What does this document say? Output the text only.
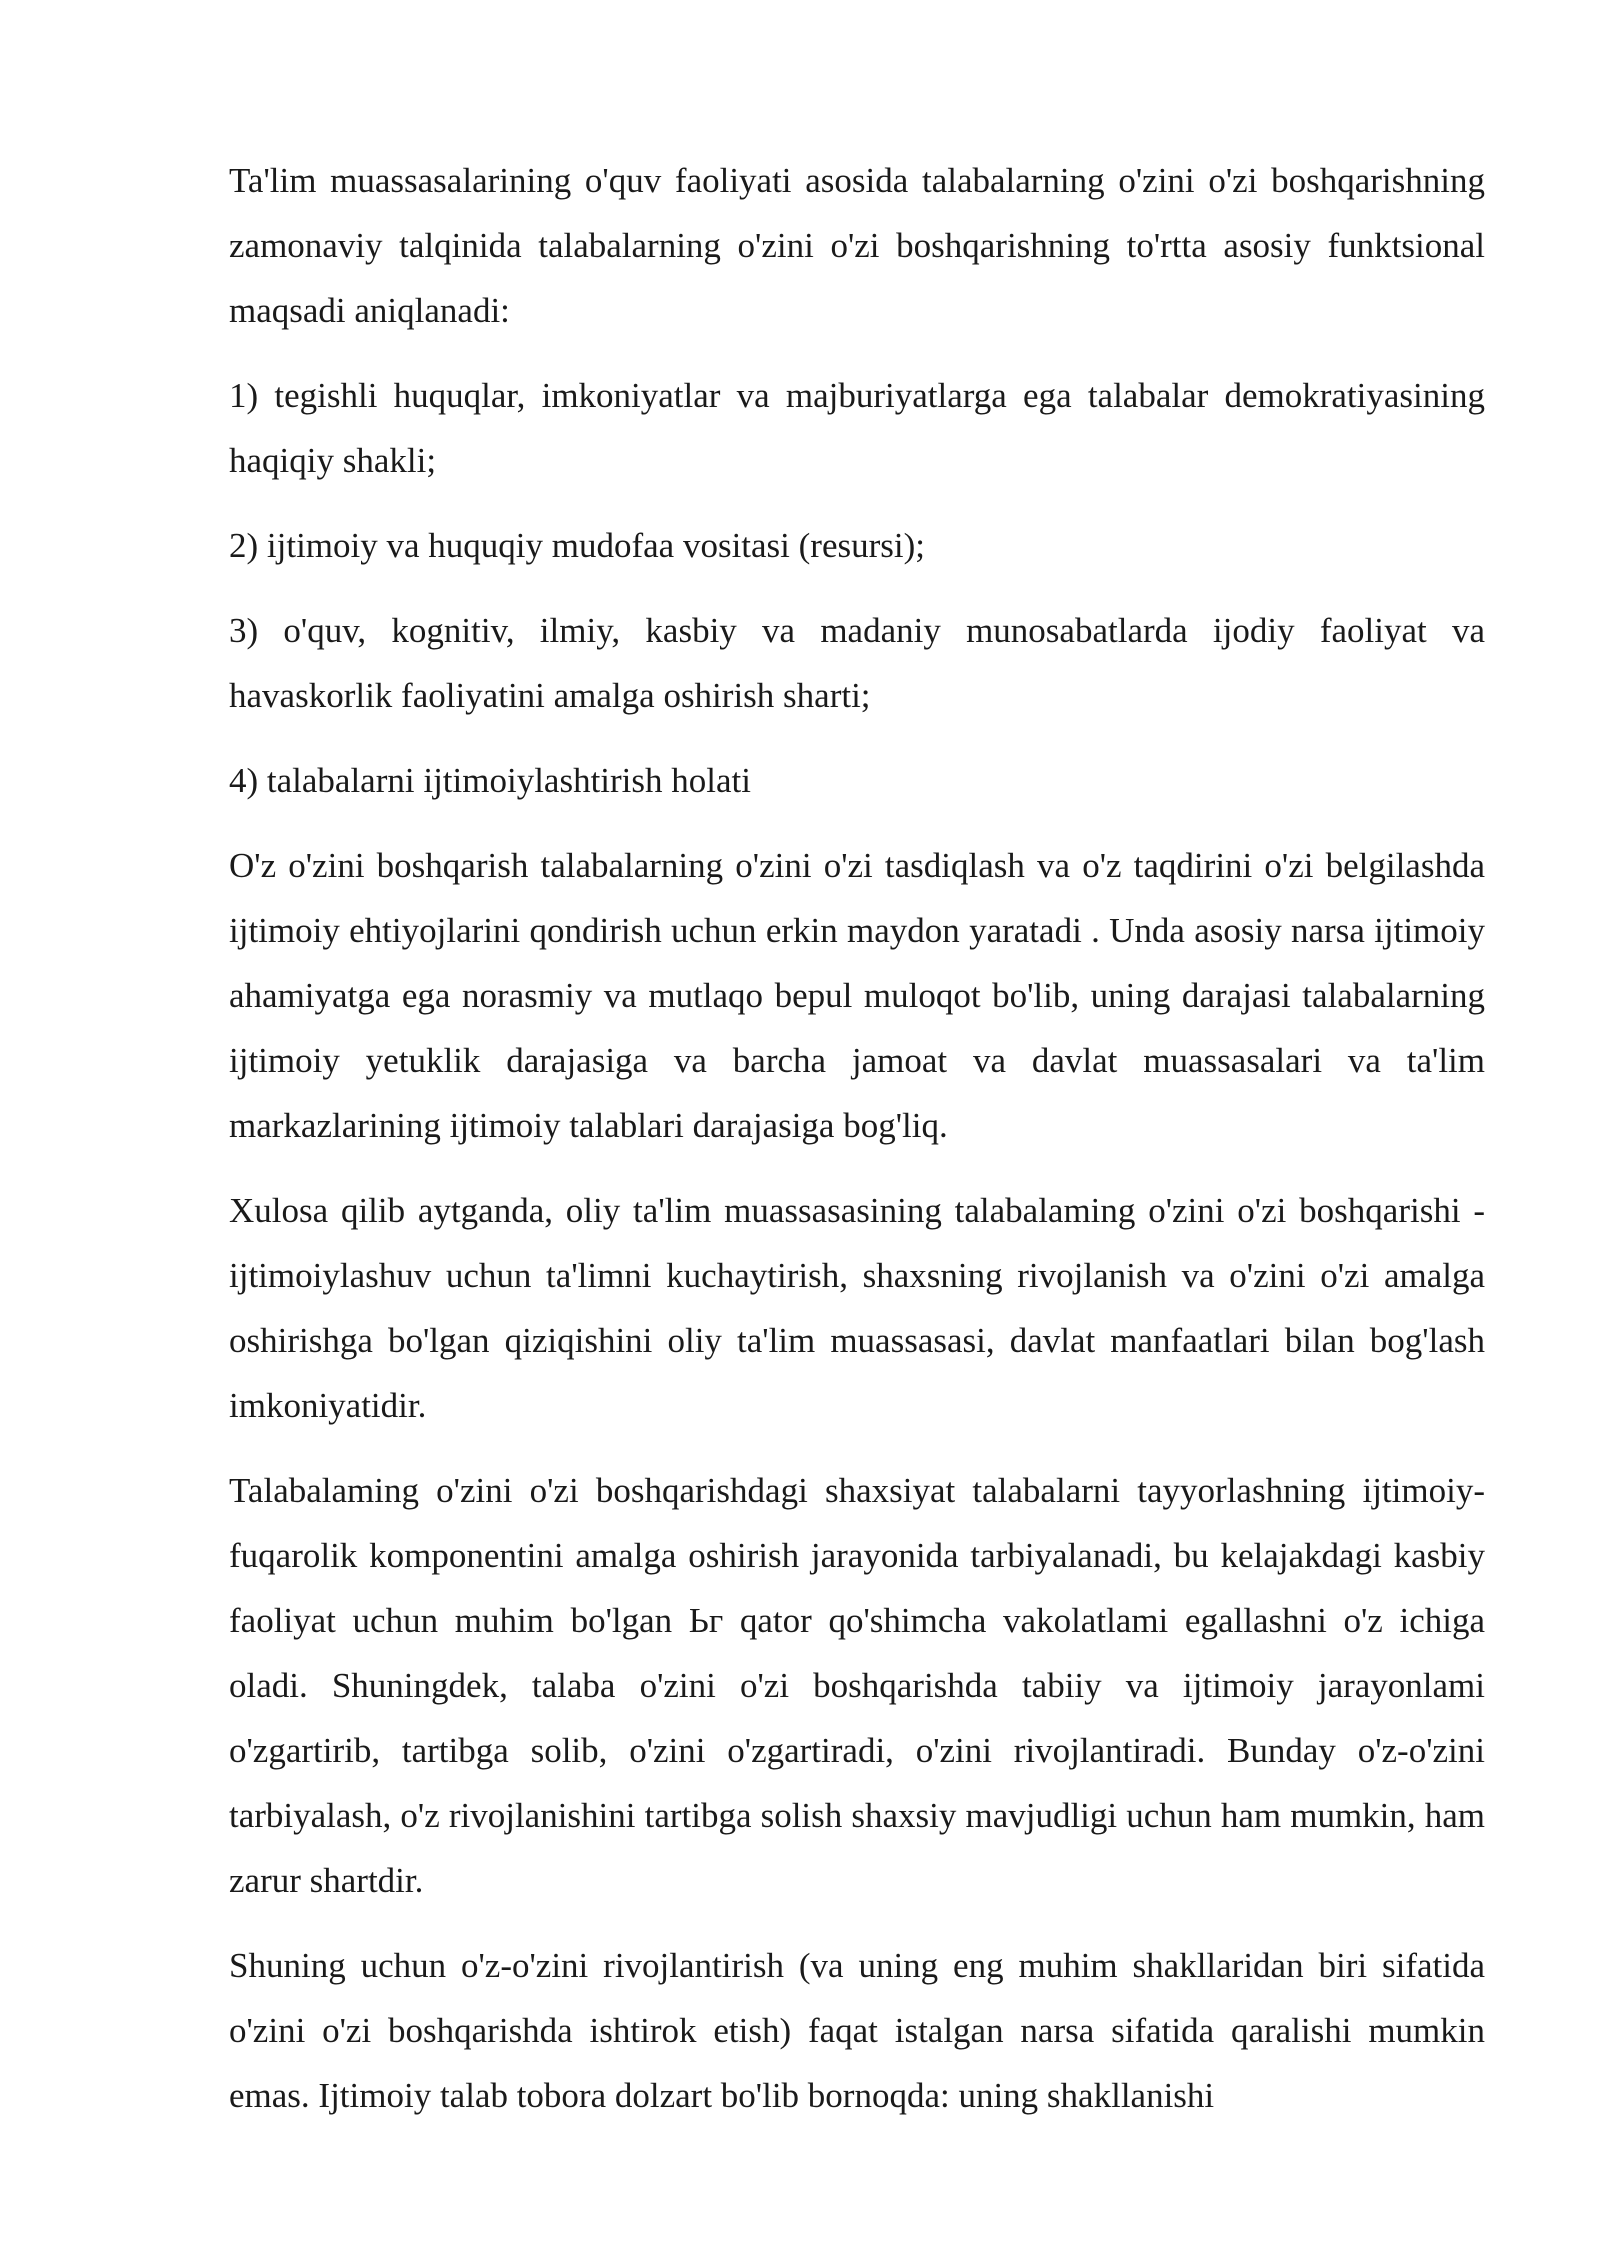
Ta'lim muassasalarining o'quv faoliyati asosida talabalarning o'zini o'zi boshqarishning zamonaviy talqinida talabalarning o'zini o'zi boshqarishning to'rtta asosiy funktsional maqsadi aniqlanadi:

1) tegishli huquqlar, imkoniyatlar va majburiyatlarga ega talabalar demokratiyasining haqiqiy shakli;

2) ijtimoiy va huquqiy mudofaa vositasi (resursi);

3) o'quv, kognitiv, ilmiy, kasbiy va madaniy munosabatlarda ijodiy faoliyat va havaskorlik faoliyatini amalga oshirish sharti;

4) talabalarni ijtimoiylashtirish holati

O'z o'zini boshqarish talabalarning o'zini o'zi tasdiqlash va o'z taqdirini o'zi belgilashda ijtimoiy ehtiyojlarini qondirish uchun erkin maydon yaratadi . Unda asosiy narsa ijtimoiy ahamiyatga ega norasmiy va mutlaqo bepul muloqot bo'lib, uning darajasi talabalarning ijtimoiy yetuklik darajasiga va barcha jamoat va davlat muassasalari va ta'lim markazlarining ijtimoiy talablari darajasiga bog'liq.

Xulosa qilib aytganda, oliy ta'lim muassasasining talabalaming o'zini o'zi boshqarishi - ijtimoiylashuv uchun ta'limni kuchaytirish, shaxsning rivojlanish va o'zini o'zi amalga oshirishga bo'lgan qiziqishini oliy ta'lim muassasasi, davlat manfaatlari bilan bog'lash imkoniyatidir.

Talabalaming o'zini o'zi boshqarishdagi shaxsiyat talabalarni tayyorlashning ijtimoiy-fuqarolik komponentini amalga oshirish jarayonida tarbiyalanadi, bu kelajakdagi kasbiy faoliyat uchun muhim bo'lgan Ьг qator qo'shimcha vakolatlami egallashni o'z ichiga oladi. Shuningdek, talaba o'zini o'zi boshqarishda tabiiy va ijtimoiy jarayonlami o'zgartirib, tartibga solib, o'zini o'zgartiradi, o'zini rivojlantiradi. Bunday o'z-o'zini tarbiyalash, o'z rivojlanishini tartibga solish shaxsiy mavjudligi uchun ham mumkin, ham zarur shartdir.

Shuning uchun o'z-o'zini rivojlantirish (va uning eng muhim shakllaridan biri sifatida o'zini o'zi boshqarishda ishtirok etish) faqat istalgan narsa sifatida qaralishi mumkin emas. Ijtimoiy talab tobora dolzart bo'lib bornoqda: uning shakllanishi
